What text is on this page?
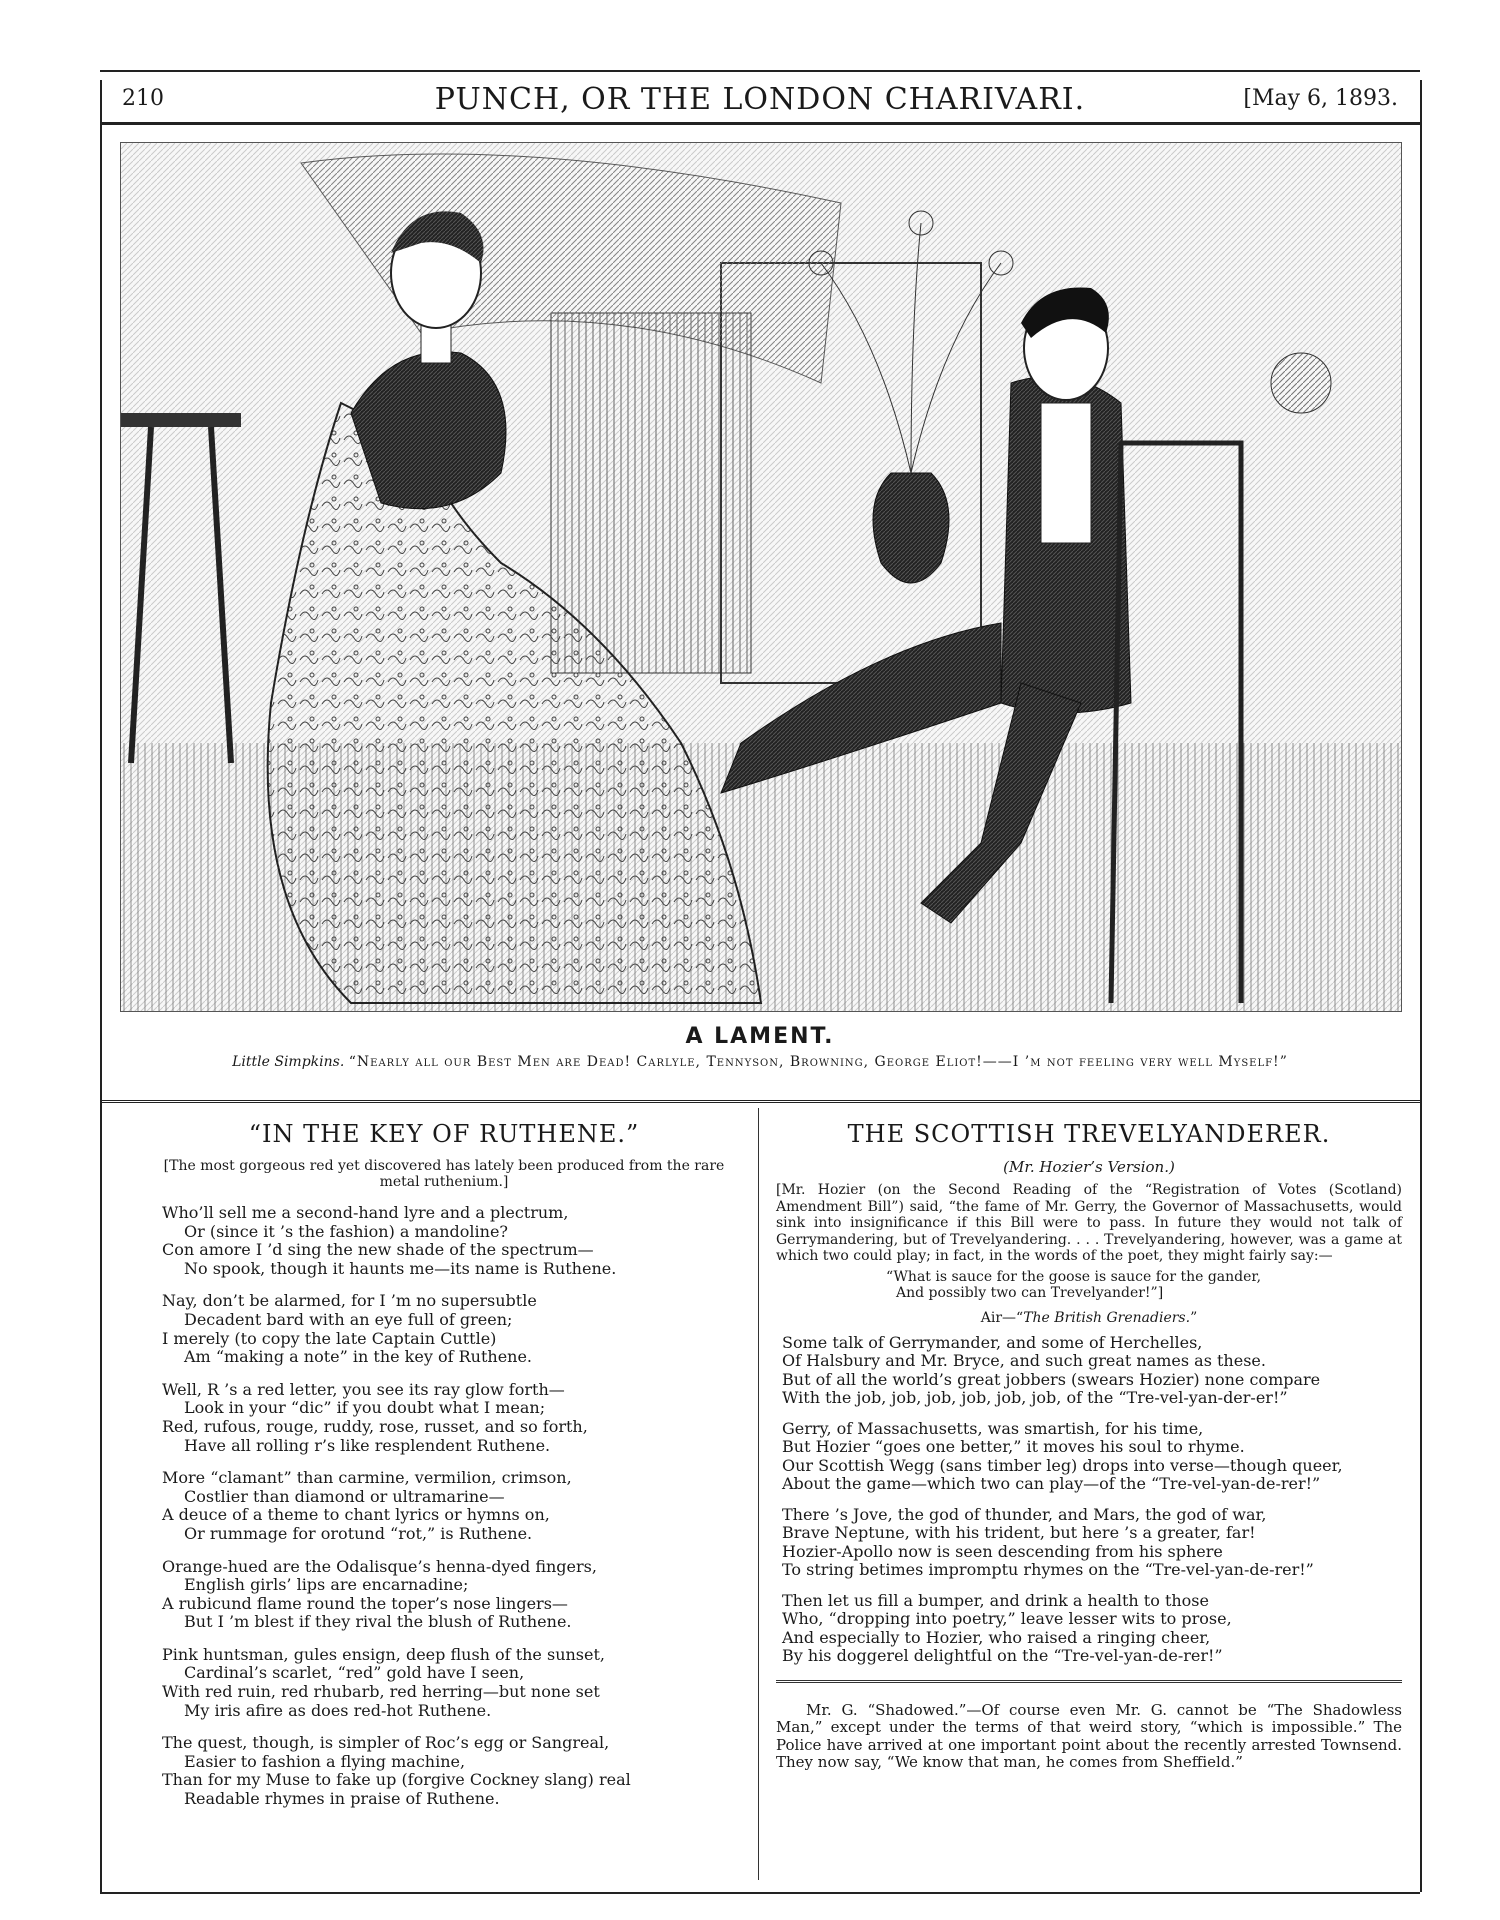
210	PUNCH, OR THE LONDON CHARIVARI.	[May 6, 1893.
A LAMENT.
Little Simpkins. “Nearly all our Best Men are Dead! Carlyle, Tennyson, Browning, George Eliot!——I ’m not feeling very well Myself!”
“IN THE KEY OF RUTHENE.”
[The most gorgeous red yet discovered has lately been produced from the rare metal ruthenium.]
Who’ll sell me a second-hand lyre and a plectrum,
Or (since it ’s the fashion) a mandoline?
Con amore I ’d sing the new shade of the spectrum—
No spook, though it haunts me—its name is Ruthene.
Nay, don’t be alarmed, for I ’m no supersubtle
Decadent bard with an eye full of green;
I merely (to copy the late Captain Cuttle)
Am “making a note” in the key of Ruthene.
Well, R ’s a red letter, you see its ray glow forth—
Look in your “dic” if you doubt what I mean;
Red, rufous, rouge, ruddy, rose, russet, and so forth,
Have all rolling r’s like resplendent Ruthene.
More “clamant” than carmine, vermilion, crimson,
Costlier than diamond or ultramarine—
A deuce of a theme to chant lyrics or hymns on,
Or rummage for orotund “rot,” is Ruthene.
Orange-hued are the Odalisque’s henna-dyed fingers,
English girls’ lips are encarnadine;
A rubicund flame round the toper’s nose lingers—
But I ’m blest if they rival the blush of Ruthene.
Pink huntsman, gules ensign, deep flush of the sunset,
Cardinal’s scarlet, “red” gold have I seen,
With red ruin, red rhubarb, red herring—but none set
My iris afire as does red-hot Ruthene.
The quest, though, is simpler of Roc’s egg or Sangreal,
Easier to fashion a flying machine,
Than for my Muse to fake up (forgive Cockney slang) real
Readable rhymes in praise of Ruthene.
THE SCOTTISH TREVELYANDERER.
(Mr. Hozier’s Version.)
[Mr. Hozier (on the Second Reading of the “Registration of Votes (Scotland) Amendment Bill”) said, “the fame of Mr. Gerry, the Governor of Massachusetts, would sink into insignificance if this Bill were to pass. In future they would not talk of Gerrymandering, but of Trevelyandering. . . . Trevelyandering, however, was a game at which two could play; in fact, in the words of the poet, they might fairly say:—
“What is sauce for the goose is sauce for the gander,
And possibly two can Trevelyander!”]
Air—“The British Grenadiers.”
Some talk of Gerrymander, and some of Herchelles,
Of Halsbury and Mr. Bryce, and such great names as these.
But of all the world’s great jobbers (swears Hozier) none compare
With the job, job, job, job, job, job, of the “Tre-vel-yan-der-er!”
Gerry, of Massachusetts, was smartish, for his time,
But Hozier “goes one better,” it moves his soul to rhyme.
Our Scottish Wegg (sans timber leg) drops into verse—though queer,
About the game—which two can play—of the “Tre-vel-yan-de-rer!”
There ’s Jove, the god of thunder, and Mars, the god of war,
Brave Neptune, with his trident, but here ’s a greater, far!
Hozier-Apollo now is seen descending from his sphere
To string betimes impromptu rhymes on the “Tre-vel-yan-de-rer!”
Then let us fill a bumper, and drink a health to those
Who, “dropping into poetry,” leave lesser wits to prose,
And especially to Hozier, who raised a ringing cheer,
By his doggerel delightful on the “Tre-vel-yan-de-rer!”
Mr. G. “Shadowed.”—Of course even Mr. G. cannot be “The Shadowless Man,” except under the terms of that weird story, “which is impossible.” The Police have arrived at one important point about the recently arrested Townsend. They now say, “We know that man, he comes from Sheffield.”
